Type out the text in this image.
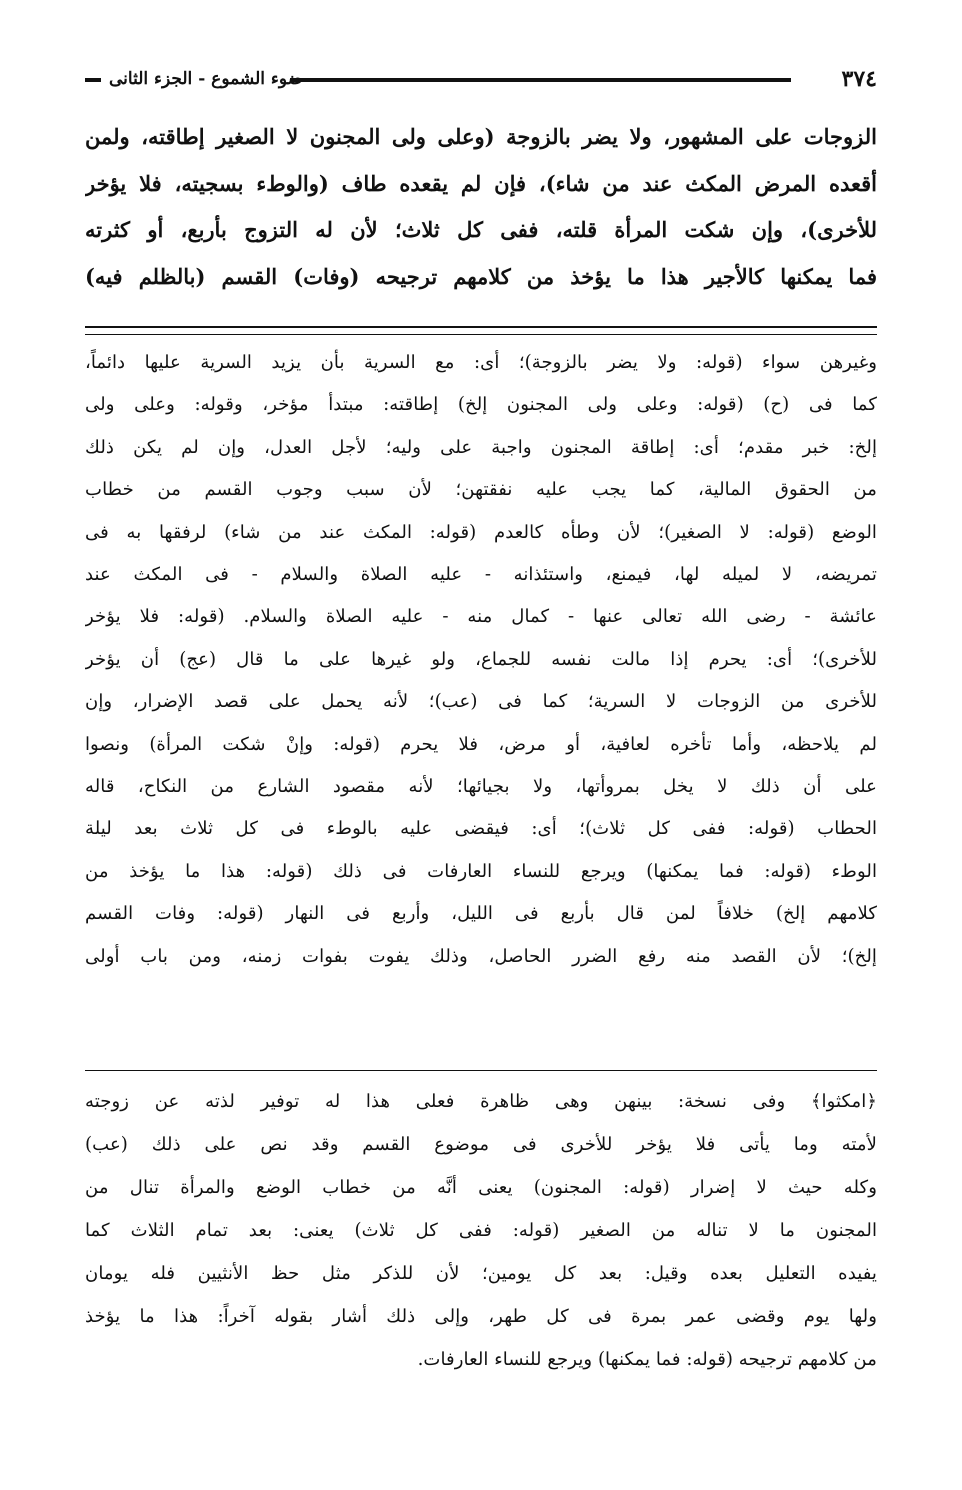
٣٧٤
ضوء الشموع - الجزء الثانى

الزوجات على المشهور، ولا يضر بالزوجة (وعلى ولى المجنون لا الصغير إطاقته، ولمن

أقعده المرض المكث عند من شاء)، فإن لم يقعده طاف (والوطء بسجيته، فلا يؤخر

للأخرى)، وإن شكت المرأة قلته، ففى كل ثلاث؛ لأن له التزوج بأربع، أو كثرته

فما يمكنها كالأجير هذا ما يؤخذ من كلامهم ترجيحه (وفات) القسم (بالظلم فيه)

وغيرهن سواء (قوله: ولا يضر بالزوجة)؛ أى: مع السرية بأن يزيد السرية عليها دائماً،

كما فى (ح) (قوله: وعلى ولى المجنون إلخ) إطاقته: مبتدأ مؤخر، وقوله: وعلى ولى

إلخ: خبر مقدم؛ أى: إطاقة المجنون واجبة على وليه؛ لأجل العدل، وإن لم يكن ذلك

من الحقوق المالية، كما يجب عليه نفقتهن؛ لأن سبب وجوب القسم من خطاب

الوضع (قوله: لا الصغير)؛ لأن وطأه كالعدم (قوله: المكث عند من شاء) لرفقها به فى

تمريضه، لا لميله لها، فيمنع، واستئذانه - عليه الصلاة والسلام - فى المكث عند

عائشة - رضى الله تعالى عنها - كمال منه - عليه الصلاة والسلام. (قوله: فلا يؤخر

للأخرى)؛ أى: يحرم إذا مالت نفسه للجماع، ولو غيرها على ما قال (عج) أن يؤخر

للأخرى من الزوجات لا السرية؛ كما فى (عب)؛ لأنه يحمل على قصد الإضرار، وإن

لم يلاحظه، وأما تأخره لعافية، أو مرض، فلا يحرم (قوله: وإنْ شكت المرأة) ونصوا

على أن ذلك لا يخل بمروأتها، ولا بجيائها؛ لأنه مقصود الشارع من النكاح، قاله

الحطاب (قوله: ففى كل ثلاث)؛ أى: فيقضى عليه بالوطء فى كل ثلاث بعد ليلة

الوطء (قوله: فما يمكنها) ويرجع للنساء العارفات فى ذلك (قوله: هذا ما يؤخذ من

كلامهم إلخ) خلافاً لمن قال بأربع فى الليل، وأربع فى النهار (قوله: وفات القسم

إلخ)؛ لأن القصد منه رفع الضرر الحاصل، وذلك يفوت بفوات زمنه، ومن باب أولى

﴿امكثوا﴾ وفى نسخة: بينهن وهى ظاهرة فعلى هذا له توفير لذته عن زوجته

لأمته وما يأتى فلا يؤخر للأخرى فى موضوع القسم وقد نص على ذلك (عب)

وكله حيث لا إضرار (قوله: المجنون) يعنى أنَّه من خطاب الوضع والمرأة تنال من

المجنون ما لا تناله من الصغير (قوله: ففى كل ثلاث) يعنى: بعد تمام الثلاث كما

يفيده التعليل بعده وقيل: بعد كل يومين؛ لأن للذكر مثل حظ الأنثيين فله يومان

ولها يوم وقضى عمر بمرة فى كل طهر، وإلى ذلك أشار بقوله آخراً: هذا ما يؤخذ

من كلامهم ترجيحه (قوله: فما يمكنها) ويرجع للنساء العارفات.
